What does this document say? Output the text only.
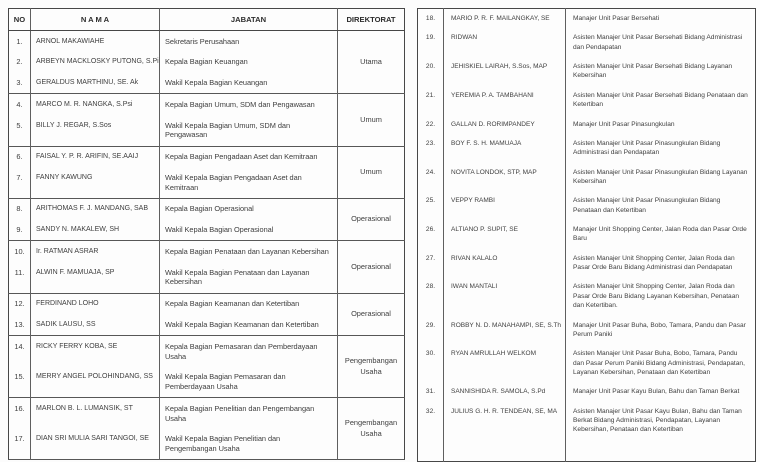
NO	N A M A	JABATAN	DIREKTORAT
1.	ARNOL MAKAWIAHE	Sekretaris Perusahaan	Utama
2.	ARBEYN MACKLOSKY PUTONG, S.Pi	Kepala Bagian Keuangan	
3.	GERALDUS MARTHINU, SE. Ak	Wakil Kepala Bagian Keuangan	
4.	MARCO M. R. NANGKA, S.Psi	Kepala Bagian Umum, SDM dan Pengawasan	Umum
5.	BILLY J. REGAR, S.Sos	Wakil Kepala Bagian Umum, SDM dan Pengawasan	
6.	FAISAL Y. P. R. ARIFIN, SE.AAIJ	Kepala Bagian Pengadaan Aset dan Kemitraan	Umum
7.	FANNY KAWUNG	Wakil Kepala Bagian Pengadaan Aset dan Kemitraan	
8.	ARITHOMAS F. J. MANDANG, SAB	Kepala Bagian Operasional	Operasional
9.	SANDY N. MAKALEW, SH	Wakil Kepala Bagian Operasional	
10.	Ir. RATMAN ASRAR	Kepala Bagian Penataan dan Layanan Kebersihan	Operasional
11.	ALWIN F. MAMUAJA, SP	Wakil Kepala Bagian Penataan dan Layanan Kebersihan	
12.	FERDINAND LOHO	Kepala Bagian Keamanan dan Ketertiban	Operasional
13.	SADIK LAUSU, SS	Wakil Kepala Bagian Keamanan dan Ketertiban	
14.	RICKY FERRY KOBA, SE	Kepala Bagian Pemasaran dan Pemberdayaan Usaha	Pengembangan Usaha
15.	MERRY ANGEL POLOHINDANG, SS	Wakil Kepala Bagian Pemasaran dan Pemberdayaan Usaha	
16.	MARLON B. L. LUMANSIK, ST	Kepala Bagian Penelitian dan Pengembangan Usaha	Pengembangan Usaha
17.	DIAN SRI MULIA SARI TANGOI, SE	Wakil Kepala Bagian Penelitian dan Pengembangan Usaha	
18.	MARIO P. R. F. MAILANGKAY, SE	Manajer Unit Pasar Bersehati
19.	RIDWAN	Asisten Manajer Unit Pasar Bersehati Bidang Administrasi dan Pendapatan
20.	JEHISKIEL LAIRAH, S.Sos, MAP	Asisten Manajer Unit Pasar Bersehati Bidang Layanan Kebersihan
21.	YEREMIA P. A. TAMBAHANI	Asisten Manajer Unit Pasar Bersehati Bidang Penataan dan Ketertiban
22.	GALLAN D. RORIMPANDEY	Manajer Unit Pasar Pinasungkulan
23.	BOY F. S. H. MAMUAJA	Asisten Manajer Unit Pasar Pinasungkulan Bidang Administrasi dan Pendapatan
24.	NOVITA LONDOK, STP, MAP	Asisten Manajer Unit Pasar Pinasungkulan Bidang Layanan Kebersihan
25.	VEPPY RAMBI	Asisten Manajer Unit Pasar Pinasungkulan Bidang Penataan dan Ketertiban
26.	ALTIANO P. SUPIT, SE	Manajer Unit Shopping Center, Jalan Roda dan Pasar Orde Baru
27.	RIVAN KALALO	Asisten Manajer Unit Shopping Center, Jalan Roda dan Pasar Orde Baru Bidang Administrasi dan Pendapatan
28.	IWAN MANTALI	Asisten Manajer Unit Shopping Center, Jalan Roda dan Pasar Orde Baru Bidang Layanan Kebersihan, Penataan dan Ketertiban.
29.	ROBBY N. D. MANAHAMPI, SE, S.Th	Manajer Unit Pasar Buha, Bobo, Tamara, Pandu dan Pasar Perum Paniki
30.	RYAN AMRULLAH WELKOM	Asisten Manajer Unit Pasar Buha, Bobo, Tamara, Pandu dan Pasar Perum Paniki Bidang Administrasi, Pendapatan, Layanan Kebersihan, Penataan dan Ketertiban
31.	SANNISHIDA R. SAMOLA, S.Pd	Manajer Unit Pasar Kayu Bulan, Bahu dan Taman Berkat
32.	JULIUS G. H. R. TENDEAN, SE, MA	Asisten Manajer Unit Pasar Kayu Bulan, Bahu dan Taman Berkat Bidang Administrasi, Pendapatan, Layanan Kebersihan, Penataan dan Ketertiban
